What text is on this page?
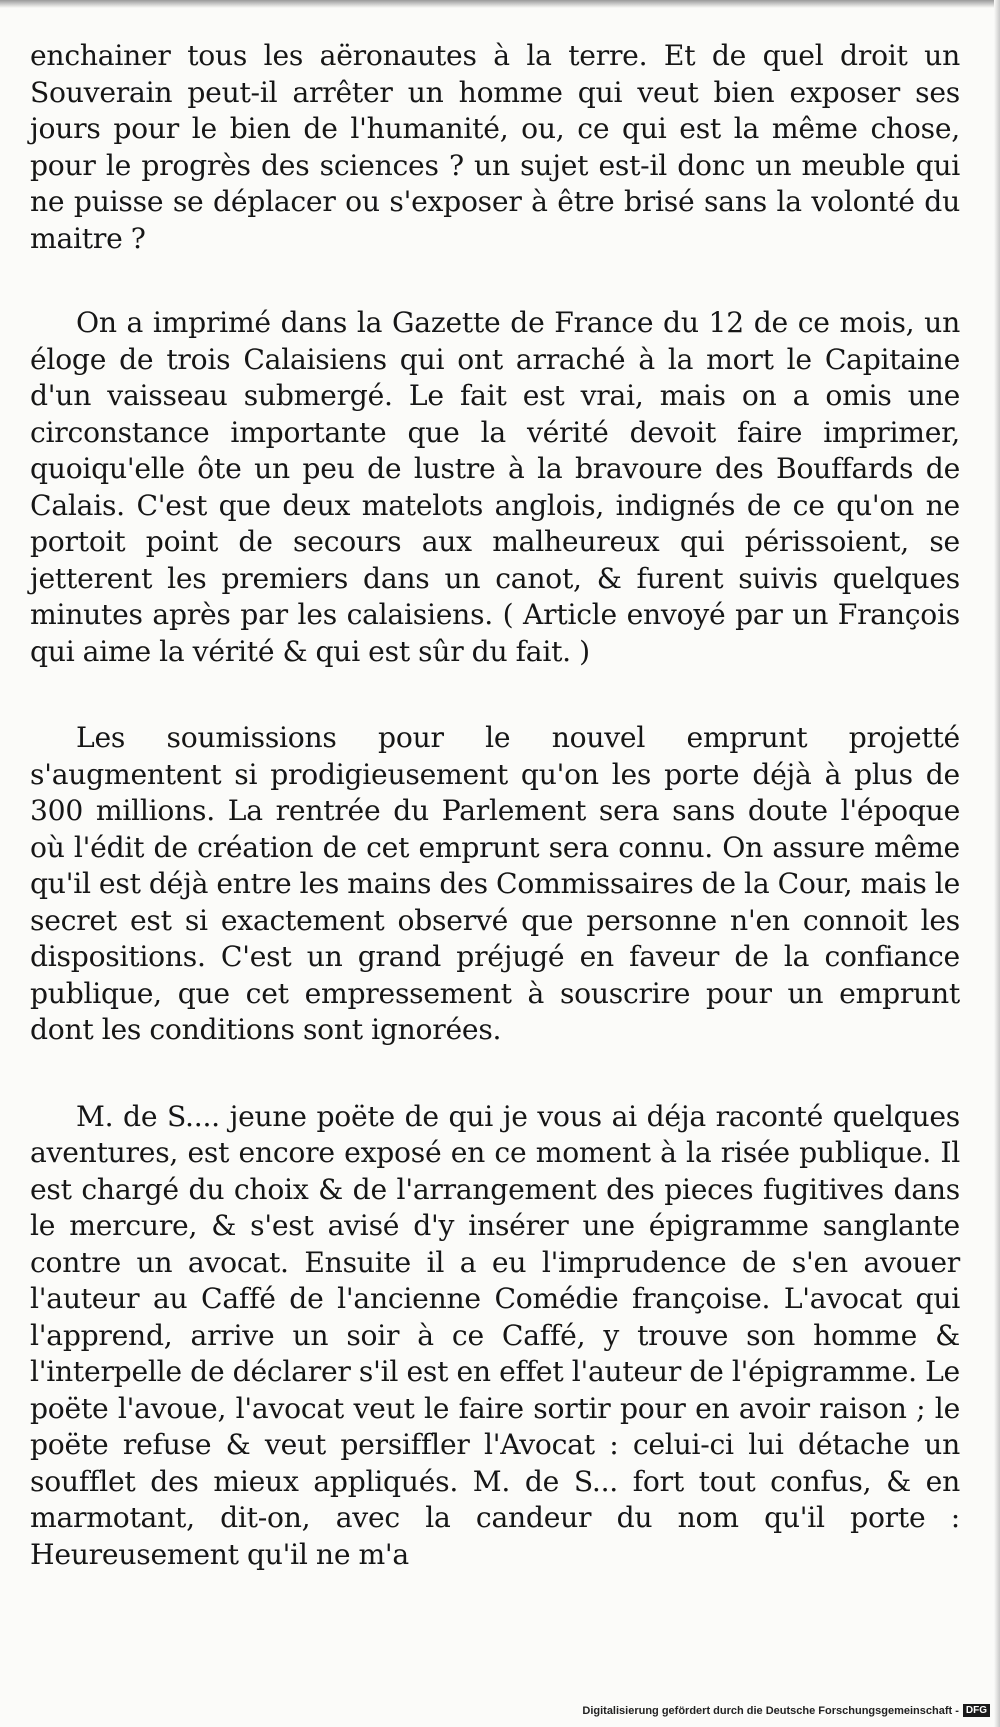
enchainer tous les aëronautes à la terre. Et de quel droit un Souverain peut-il arrêter un homme qui veut bien exposer ses jours pour le bien de l'humanité, ou, ce qui est la même chose, pour le progrès des sciences ? un sujet est-il donc un meuble qui ne puisse se déplacer ou s'exposer à être brisé sans la volonté du maitre ?

On a imprimé dans la Gazette de France du 12 de ce mois, un éloge de trois Calaisiens qui ont arraché à la mort le Capitaine d'un vaisseau submergé. Le fait est vrai, mais on a omis une circonstance importante que la vérité devoit faire imprimer, quoiqu'elle ôte un peu de lustre à la bravoure des Bouffards de Calais. C'est que deux matelots anglois, indignés de ce qu'on ne portoit point de secours aux malheureux qui périssoient, se jetterent les premiers dans un canot, & furent suivis quelques minutes après par les calaisiens. ( Article envoyé par un François qui aime la vérité & qui est sûr du fait. )

Les soumissions pour le nouvel emprunt projetté s'augmentent si prodigieusement qu'on les porte déjà à plus de 300 millions. La rentrée du Parlement sera sans doute l'époque où l'édit de création de cet emprunt sera connu. On assure même qu'il est déjà entre les mains des Commissaires de la Cour, mais le secret est si exactement observé que personne n'en connoit les dispositions. C'est un grand préjugé en faveur de la confiance publique, que cet empressement à souscrire pour un emprunt dont les conditions sont ignorées.

M. de S.... jeune poëte de qui je vous ai déja raconté quelques aventures, est encore exposé en ce moment à la risée publique. Il est chargé du choix & de l'arrangement des pieces fugitives dans le mercure, & s'est avisé d'y insérer une épigramme sanglante contre un avocat. Ensuite il a eu l'imprudence de s'en avouer l'auteur au Caffé de l'ancienne Comédie françoise. L'avocat qui l'apprend, arrive un soir à ce Caffé, y trouve son homme & l'interpelle de déclarer s'il est en effet l'auteur de l'épigramme. Le poëte l'avoue, l'avocat veut le faire sortir pour en avoir raison ; le poëte refuse & veut persiffler l'Avocat : celui-ci lui détache un soufflet des mieux appliqués. M. de S... fort tout confus, & en marmotant, dit-on, avec la candeur du nom qu'il porte : Heureusement qu'il ne m'a

Digitalisierung gefördert durch die Deutsche Forschungsgemeinschaft - DFG
